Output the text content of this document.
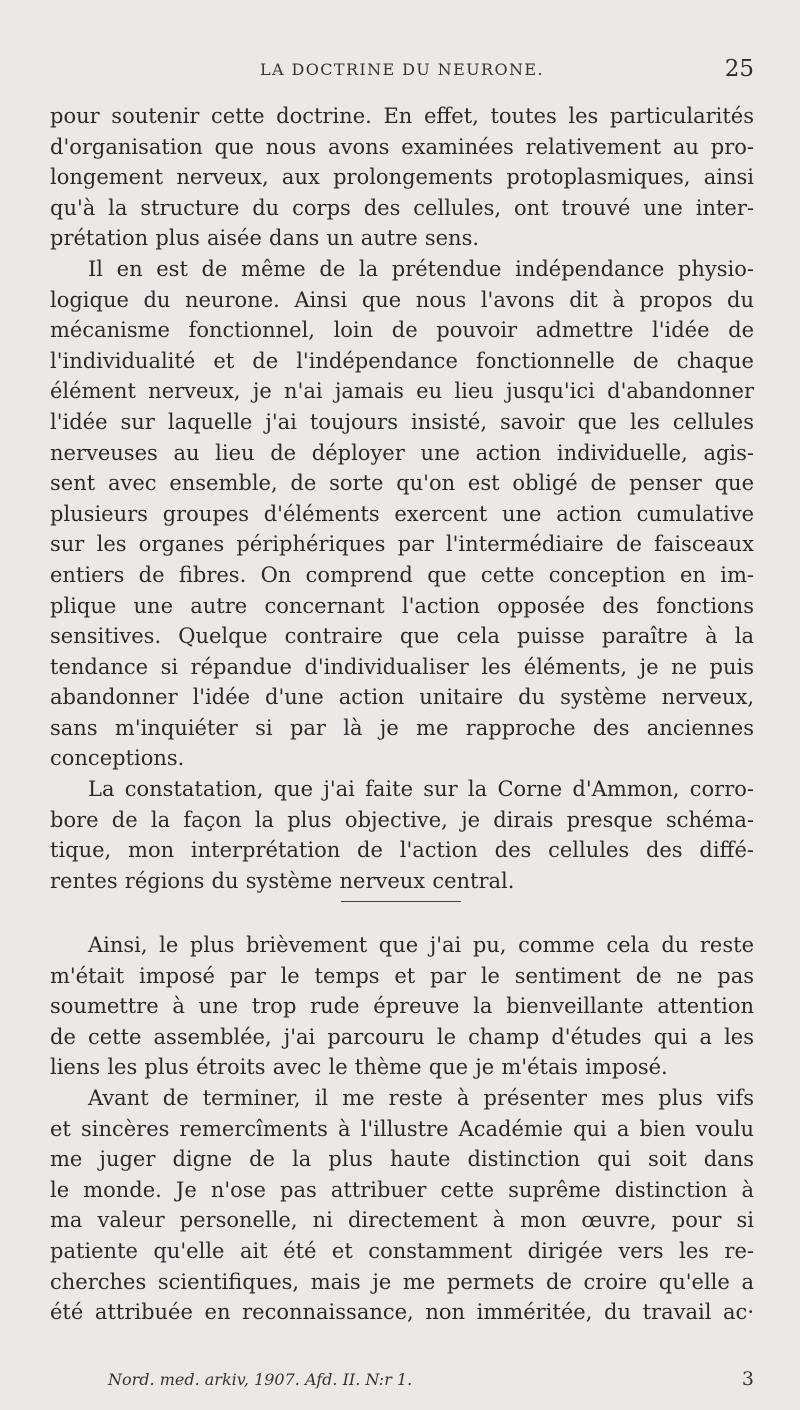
LA DOCTRINE DU NEURONE.	25
pour soutenir cette doctrine. En effet, toutes les particularités
d'organisation que nous avons examinées relativement au pro-
longement nerveux, aux prolongements protoplasmiques, ainsi
qu'à la structure du corps des cellules, ont trouvé une inter-
prétation plus aisée dans un autre sens.
Il en est de même de la prétendue indépendance physio-
logique du neurone. Ainsi que nous l'avons dit à propos du
mécanisme fonctionnel, loin de pouvoir admettre l'idée de
l'individualité et de l'indépendance fonctionnelle de chaque
élément nerveux, je n'ai jamais eu lieu jusqu'ici d'abandonner
l'idée sur laquelle j'ai toujours insisté, savoir que les cellules
nerveuses au lieu de déployer une action individuelle, agis-
sent avec ensemble, de sorte qu'on est obligé de penser que
plusieurs groupes d'éléments exercent une action cumulative
sur les organes périphériques par l'intermédiaire de faisceaux
entiers de fibres. On comprend que cette conception en im-
plique une autre concernant l'action opposée des fonctions
sensitives. Quelque contraire que cela puisse paraître à la
tendance si répandue d'individualiser les éléments, je ne puis
abandonner l'idée d'une action unitaire du système nerveux,
sans m'inquiéter si par là je me rapproche des anciennes
conceptions.
La constatation, que j'ai faite sur la Corne d'Ammon, corro-
bore de la façon la plus objective, je dirais presque schéma-
tique, mon interprétation de l'action des cellules des diffé-
rentes régions du système nerveux central.
Ainsi, le plus brièvement que j'ai pu, comme cela du reste
m'était imposé par le temps et par le sentiment de ne pas
soumettre à une trop rude épreuve la bienveillante attention
de cette assemblée, j'ai parcouru le champ d'études qui a les
liens les plus étroits avec le thème que je m'étais imposé.
Avant de terminer, il me reste à présenter mes plus vifs
et sincères remercîments à l'illustre Académie qui a bien voulu
me juger digne de la plus haute distinction qui soit dans
le monde. Je n'ose pas attribuer cette suprême distinction à
ma valeur personelle, ni directement à mon œuvre, pour si
patiente qu'elle ait été et constamment dirigée vers les re-
cherches scientifiques, mais je me permets de croire qu'elle a
été attribuée en reconnaissance, non imméritée, du travail ac·
Nord. med. arkiv, 1907. Afd. II. N:r 1.	3
